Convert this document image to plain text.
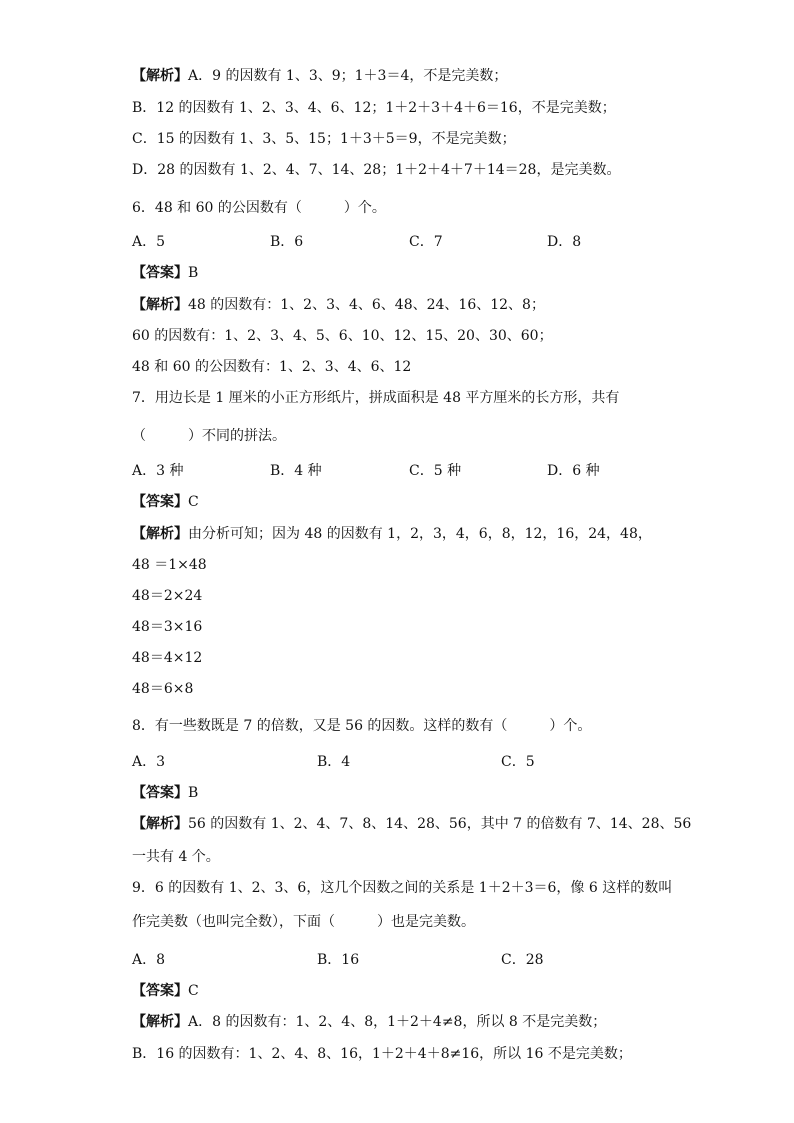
【解析】A．9 的因数有 1、3、9；1＋3＝4，不是完美数；
B．12 的因数有 1、2、3、4、6、12；1＋2＋3＋4＋6＝16，不是完美数；
C．15 的因数有 1、3、5、15；1＋3＋5＝9，不是完美数；
D．28 的因数有 1、2、4、7、14、28；1＋2＋4＋7＋14＝28，是完美数。
6．48 和 60 的公因数有（　　　）个。
A．5	B．6	C．7	D．8
【答案】B
【解析】48 的因数有：1、2、3、4、6、48、24、16、12、8；
60 的因数有：1、2、3、4、5、6、10、12、15、20、30、60；
48 和 60 的公因数有：1、2、3、4、6、12
7．用边长是 1 厘米的小正方形纸片，拼成面积是 48 平方厘米的长方形，共有
（　　　）不同的拼法。
A．3 种	B．4 种	C．5 种	D．6 种
【答案】C
【解析】由分析可知；因为 48 的因数有 1，2，3，4，6，8，12，16，24，48，
48 ＝1×48
48＝2×24
48＝3×16
48＝4×12
48＝6×8
8．有一些数既是 7 的倍数，又是 56 的因数。这样的数有（　　　）个。
A．3	B．4	C．5
【答案】B
【解析】56 的因数有 1、2、4、7、8、14、28、56，其中 7 的倍数有 7、14、28、56
一共有 4 个。
9．6 的因数有 1、2、3、6，这几个因数之间的关系是 1＋2＋3＝6，像 6 这样的数叫
作完美数（也叫完全数），下面（　　　）也是完美数。
A．8	B．16	C．28
【答案】C
【解析】A．8 的因数有：1、2、4、8，1＋2＋4≠8，所以 8 不是完美数；
B．16 的因数有：1、2、4、8、16，1＋2＋4＋8≠16，所以 16 不是完美数；
